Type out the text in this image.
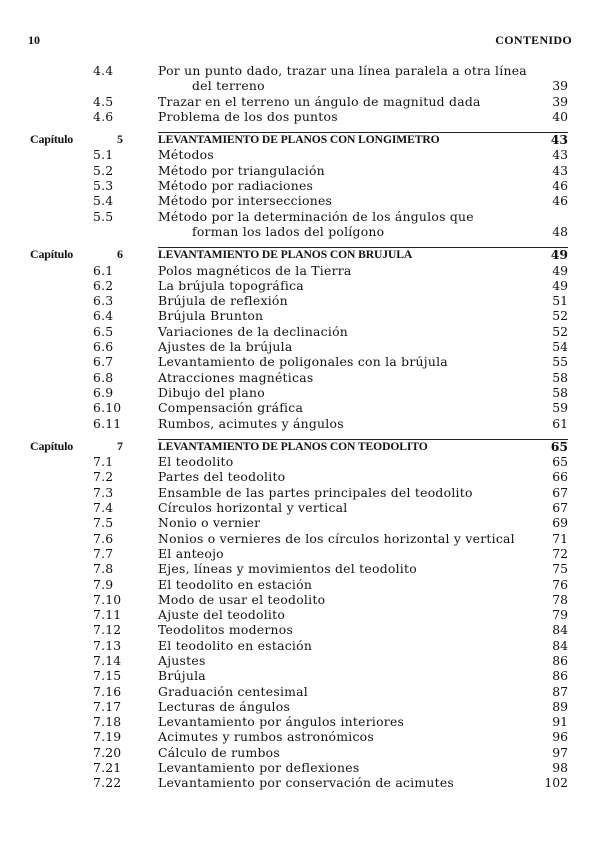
10	CONTENIDO
4.4	Por un punto dado, trazar una línea paralela a otra línea
del terreno	39
4.5	Trazar en el terreno un ángulo de magnitud dada	39
4.6	Problema de los dos puntos	40
Capítulo	5	LEVANTAMIENTO DE PLANOS CON LONGIMETRO	43
5.1	Métodos	43
5.2	Método por triangulación	43
5.3	Método por radiaciones	46
5.4	Método por intersecciones	46
5.5	Método por la determinación de los ángulos que
forman los lados del polígono	48
Capítulo	6	LEVANTAMIENTO DE PLANOS CON BRUJULA	49
6.1	Polos magnéticos de la Tierra	49
6.2	La brújula topográfica	49
6.3	Brújula de reflexión	51
6.4	Brújula Brunton	52
6.5	Variaciones de la declinación	52
6.6	Ajustes de la brújula	54
6.7	Levantamiento de poligonales con la brújula	55
6.8	Atracciones magnéticas	58
6.9	Dibujo del plano	58
6.10	Compensación gráfica	59
6.11	Rumbos, acimutes y ángulos	61
Capítulo	7	LEVANTAMIENTO DE PLANOS CON TEODOLITO	65
7.1	El teodolito	65
7.2	Partes del teodolito	66
7.3	Ensamble de las partes principales del teodolito	67
7.4	Círculos horizontal y vertical	67
7.5	Nonio o vernier	69
7.6	Nonios o vernieres de los círculos horizontal y vertical	71
7.7	El anteojo	72
7.8	Ejes, líneas y movimientos del teodolito	75
7.9	El teodolito en estación	76
7.10	Modo de usar el teodolito	78
7.11	Ajuste del teodolito	79
7.12	Teodolitos modernos	84
7.13	El teodolito en estación	84
7.14	Ajustes	86
7.15	Brújula	86
7.16	Graduación centesimal	87
7.17	Lecturas de ángulos	89
7.18	Levantamiento por ángulos interiores	91
7.19	Acimutes y rumbos astronómicos	96
7.20	Cálculo de rumbos	97
7.21	Levantamiento por deflexiones	98
7.22	Levantamiento por conservación de acimutes	102
